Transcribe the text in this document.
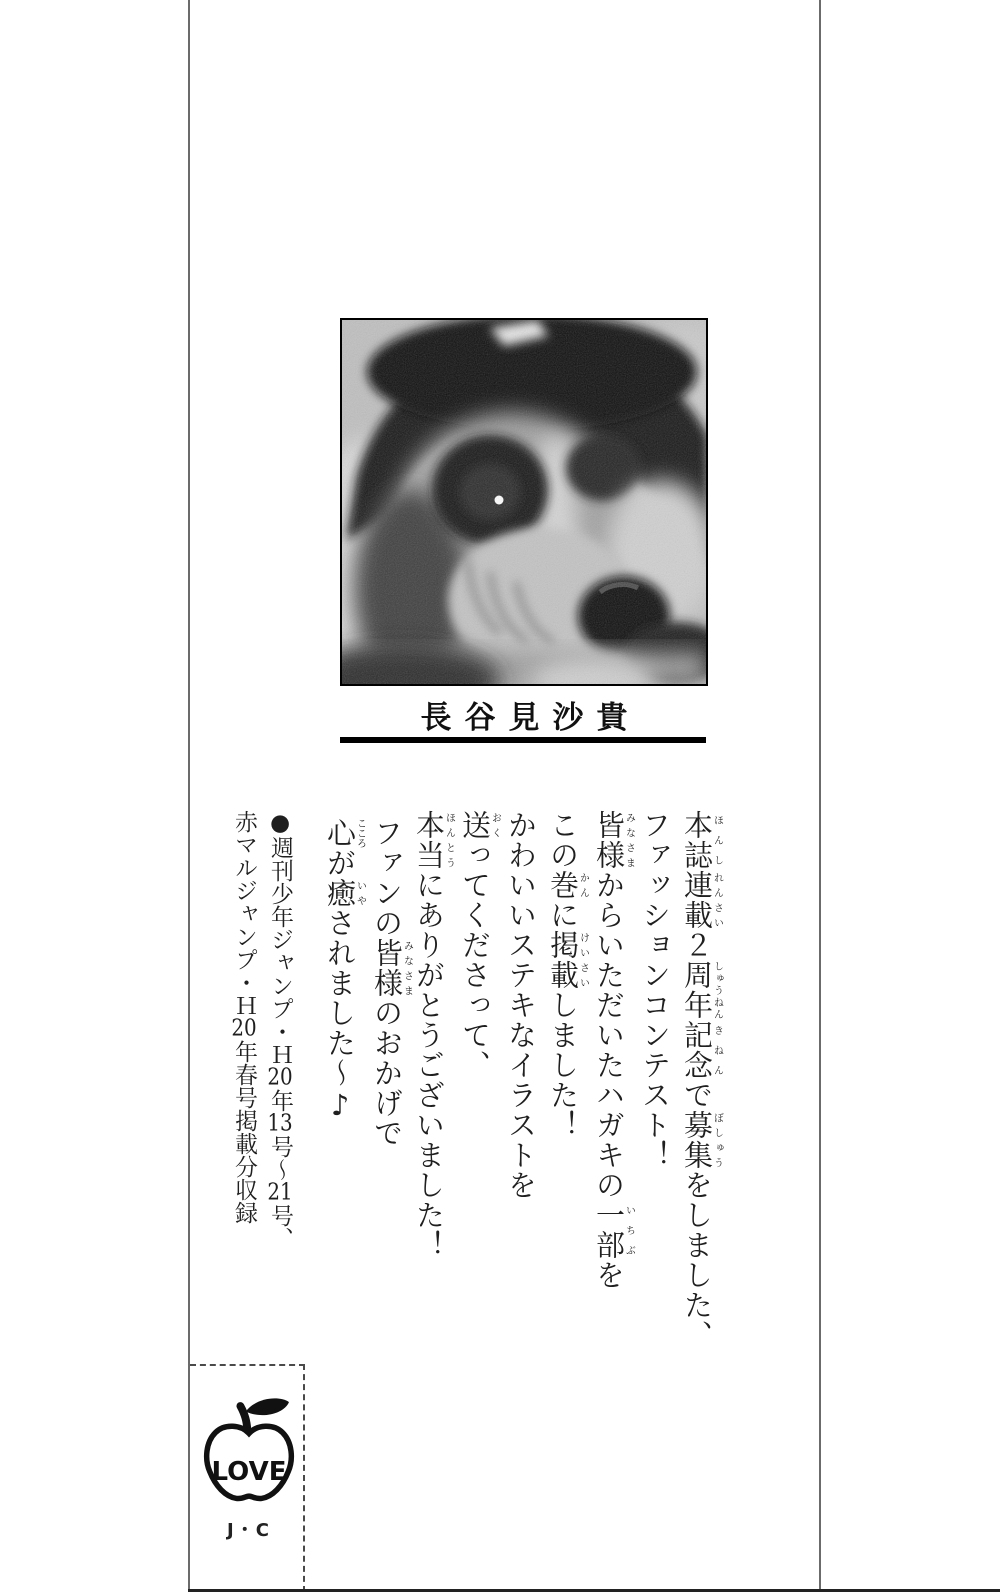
長谷見沙貴

本誌ほんし連載れんさい２周年しゅうねん記念きねんで募集ぼしゅうをしました、

ファッションコンテスト！

皆様みなさまからいただいたハガキの一部いちぶを

この巻かんに掲載けいさいしました！

かわいいステキなイラストを

送おくってくださって、

本当ほんとうにありがとうございました！

ファンの皆様みなさまのおかげで

心こころが癒いやされました～♪

●週刊少年ジャンプ・Ｈ20年13号～21号、

赤マルジャンプ・Ｈ20年春号掲載分収録

LOVE
J・C
